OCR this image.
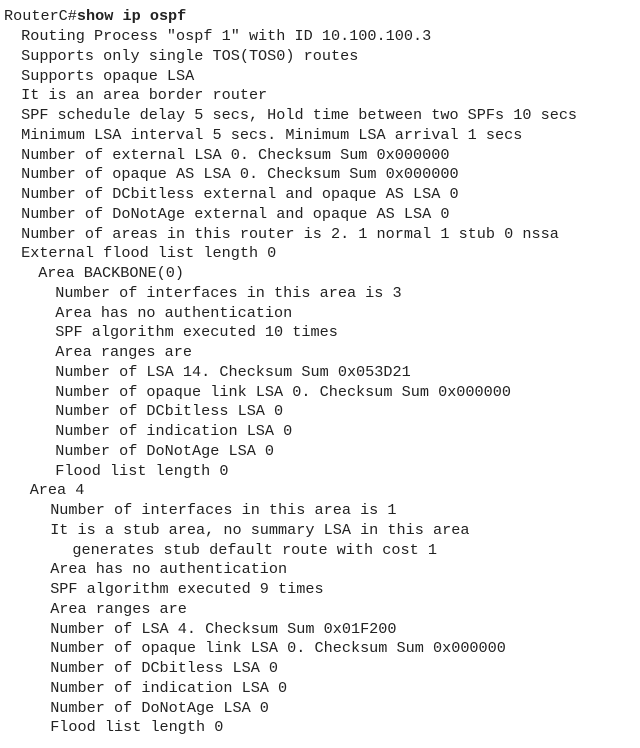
RouterC#show ip ospf
Routing Process "ospf 1" with ID 10.100.100.3
Supports only single TOS(TOS0) routes
Supports opaque LSA
It is an area border router
SPF schedule delay 5 secs, Hold time between two SPFs 10 secs
Minimum LSA interval 5 secs. Minimum LSA arrival 1 secs
Number of external LSA 0. Checksum Sum 0x000000
Number of opaque AS LSA 0. Checksum Sum 0x000000
Number of DCbitless external and opaque AS LSA 0
Number of DoNotAge external and opaque AS LSA 0
Number of areas in this router is 2. 1 normal 1 stub 0 nssa
External flood list length 0
Area BACKBONE(0)
Number of interfaces in this area is 3
Area has no authentication
SPF algorithm executed 10 times
Area ranges are
Number of LSA 14. Checksum Sum 0x053D21
Number of opaque link LSA 0. Checksum Sum 0x000000
Number of DCbitless LSA 0
Number of indication LSA 0
Number of DoNotAge LSA 0
Flood list length 0
Area 4
Number of interfaces in this area is 1
It is a stub area, no summary LSA in this area
generates stub default route with cost 1
Area has no authentication
SPF algorithm executed 9 times
Area ranges are
Number of LSA 4. Checksum Sum 0x01F200
Number of opaque link LSA 0. Checksum Sum 0x000000
Number of DCbitless LSA 0
Number of indication LSA 0
Number of DoNotAge LSA 0
Flood list length 0
